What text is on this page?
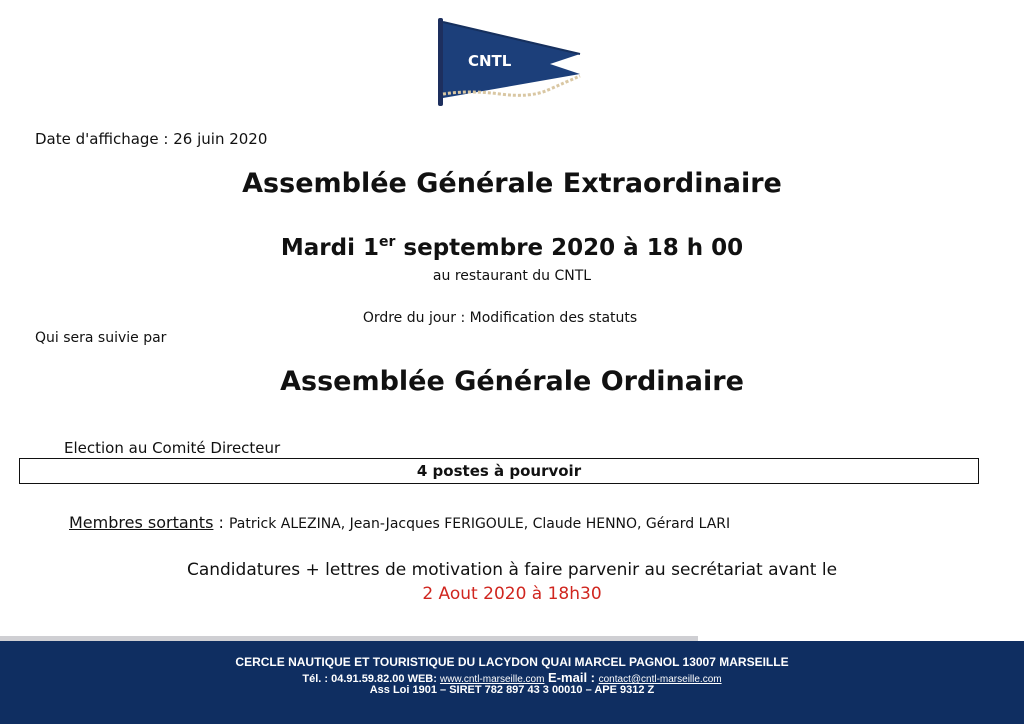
CNTL
Date d'affichage : 26 juin 2020
Assemblée Générale Extraordinaire
Mardi 1er septembre 2020 à 18 h 00
au restaurant du CNTL
Ordre du jour : Modification des statuts
Qui sera suivie par
Assemblée Générale Ordinaire
Election au Comité Directeur
4 postes à pourvoir
Membres sortants : Patrick ALEZINA, Jean-Jacques FERIGOULE, Claude HENNO, Gérard LARI
Candidatures + lettres de motivation à faire parvenir au secrétariat avant le
2 Aout 2020 à 18h30
CERCLE NAUTIQUE ET TOURISTIQUE DU LACYDON QUAI MARCEL PAGNOL 13007 MARSEILLE
Tél. : 04.91.59.82.00 WEB: www.cntl-marseille.com E-mail : contact@cntl-marseille.com
Ass Loi 1901 – SIRET 782 897 43 3 00010 – APE 9312 Z
